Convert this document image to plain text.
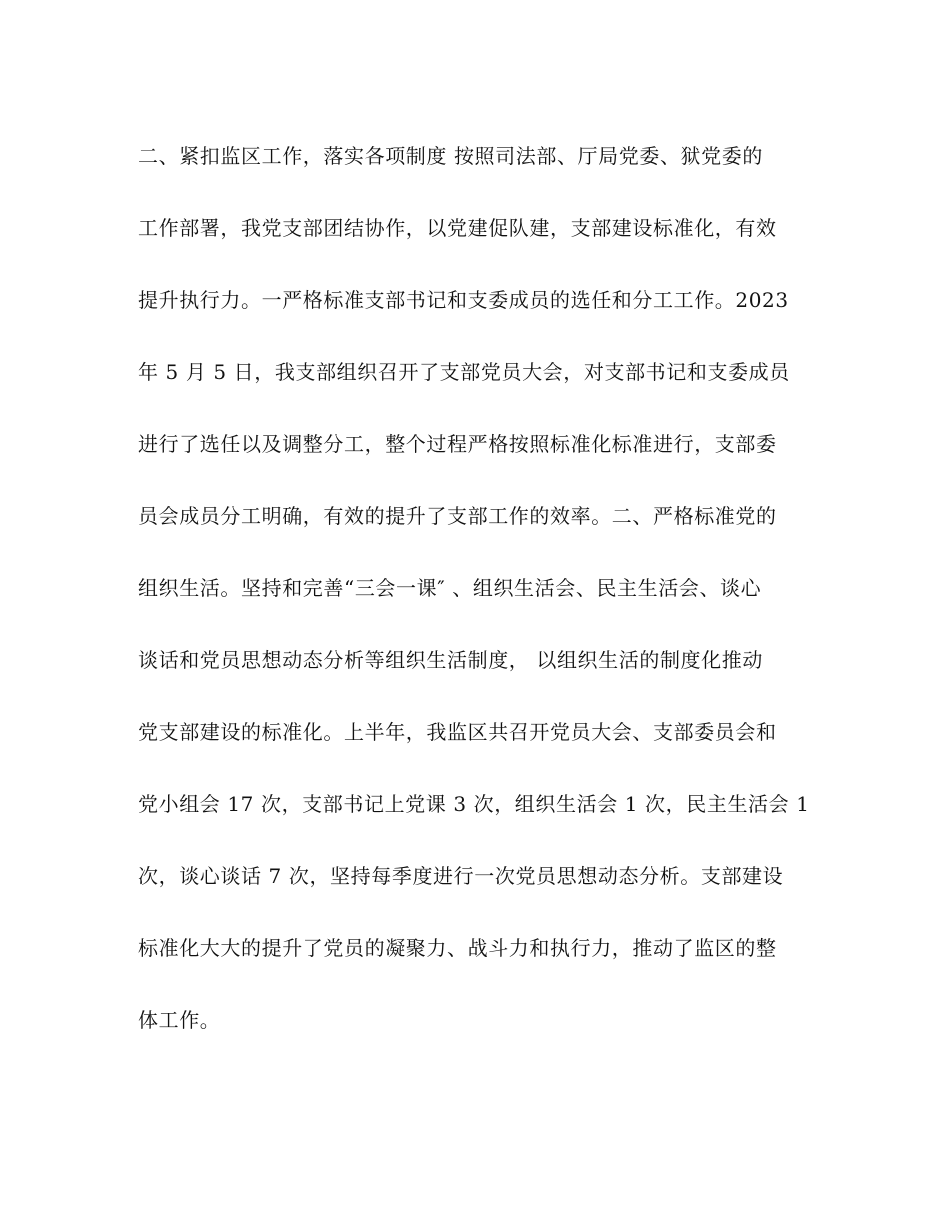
二、紧扣监区工作，落实各项制度 按照司法部、厅局党委、狱党委的
工作部署，我党支部团结协作，以党建促队建，支部建设标准化，有效
提升执行力。一严格标准支部书记和支委成员的选任和分工工作。2023
年 5 月 5 日，我支部组织召开了支部党员大会，对支部书记和支委成员
进行了选任以及调整分工，整个过程严格按照标准化标准进行，支部委
员会成员分工明确，有效的提升了支部工作的效率。二、严格标准党的
组织生活。坚持和完善“三会一课″ 、组织生活会、民主生活会、谈心
谈话和党员思想动态分析等组织生活制度， 以组织生活的制度化推动
党支部建设的标准化。上半年，我监区共召开党员大会、支部委员会和
党小组会 17 次，支部书记上党课 3 次，组织生活会 1 次，民主生活会 1
次，谈心谈话 7 次，坚持每季度进行一次党员思想动态分析。支部建设
标准化大大的提升了党员的凝聚力、战斗力和执行力，推动了监区的整
体工作。
